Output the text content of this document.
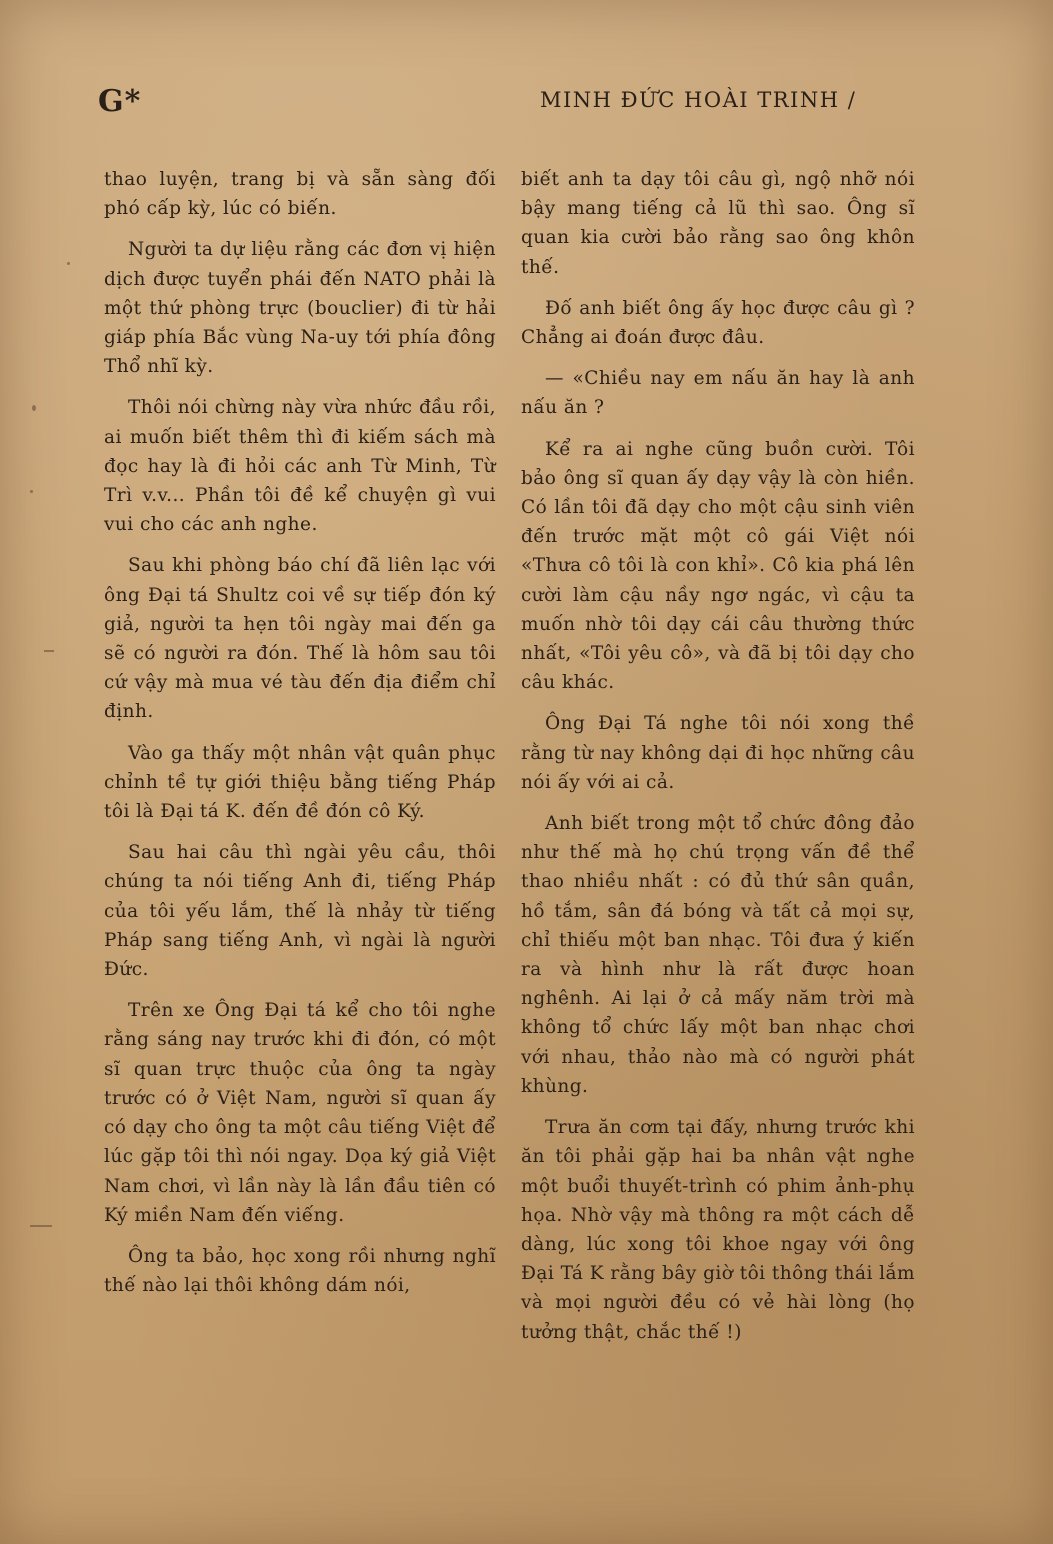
G*	MINH ĐỨC HOÀI TRINH /

thao luyện, trang bị và sẵn sàng đối phó cấp kỳ, lúc có biến.

Người ta dự liệu rằng các đơn vị hiện dịch được tuyển phái đến NATO phải là một thứ phòng trực (bouclier) đi từ hải giáp phía Bắc vùng Na-uy tới phía đông Thổ nhĩ kỳ.

Thôi nói chừng này vừa nhức đầu rồi, ai muốn biết thêm thì đi kiếm sách mà đọc hay là đi hỏi các anh Từ Minh, Từ Trì v.v... Phần tôi đề kể chuyện gì vui vui cho các anh nghe.

Sau khi phòng báo chí đã liên lạc với ông Đại tá Shultz coi về sự tiếp đón ký giả, người ta hẹn tôi ngày mai đến ga sẽ có người ra đón. Thế là hôm sau tôi cứ vậy mà mua vé tàu đến địa điểm chỉ định.

Vào ga thấy một nhân vật quân phục chỉnh tề tự giới thiệu bằng tiếng Pháp tôi là Đại tá K. đến đề đón cô Ký.

Sau hai câu thì ngài yêu cầu, thôi chúng ta nói tiếng Anh đi, tiếng Pháp của tôi yếu lắm, thế là nhảy từ tiếng Pháp sang tiếng Anh, vì ngài là người Đức.

Trên xe Ông Đại tá kể cho tôi nghe rằng sáng nay trước khi đi đón, có một sĩ quan trực thuộc của ông ta ngày trước có ở Việt Nam, người sĩ quan ấy có dạy cho ông ta một câu tiếng Việt để lúc gặp tôi thì nói ngay. Dọa ký giả Việt Nam chơi, vì lần này là lần đầu tiên có Ký miền Nam đến viếng.

Ông ta bảo, học xong rồi nhưng nghĩ thế nào lại thôi không dám nói,

biết anh ta dạy tôi câu gì, ngộ nhỡ nói bậy mang tiếng cả lũ thì sao. Ông sĩ quan kia cười bảo rằng sao ông khôn thế.

Đố anh biết ông ấy học được câu gì ? Chẳng ai đoán được đâu.

— «Chiều nay em nấu ăn hay là anh nấu ăn ?

Kể ra ai nghe cũng buồn cười. Tôi bảo ông sĩ quan ấy dạy vậy là còn hiền. Có lần tôi đã dạy cho một cậu sinh viên đến trước mặt một cô gái Việt nói «Thưa cô tôi là con khỉ». Cô kia phá lên cười làm cậu nầy ngơ ngác, vì cậu ta muốn nhờ tôi dạy cái câu thường thức nhất, «Tôi yêu cô», và đã bị tôi dạy cho câu khác.

Ông Đại Tá nghe tôi nói xong thề rằng từ nay không dại đi học những câu nói ấy với ai cả.

Anh biết trong một tổ chức đông đảo như thế mà họ chú trọng vấn đề thể thao nhiều nhất : có đủ thứ sân quần, hồ tắm, sân đá bóng và tất cả mọi sự, chỉ thiếu một ban nhạc. Tôi đưa ý kiến ra và hình như là rất được hoan nghênh. Ai lại ở cả mấy năm trời mà không tổ chức lấy một ban nhạc chơi với nhau, thảo nào mà có người phát khùng.

Trưa ăn cơm tại đấy, nhưng trước khi ăn tôi phải gặp hai ba nhân vật nghe một buổi thuyết-trình có phim ảnh-phụ họa. Nhờ vậy mà thông ra một cách dễ dàng, lúc xong tôi khoe ngay với ông Đại Tá K rằng bây giờ tôi thông thái lắm và mọi người đều có vẻ hài lòng (họ tưởng thật, chắc thế !)
